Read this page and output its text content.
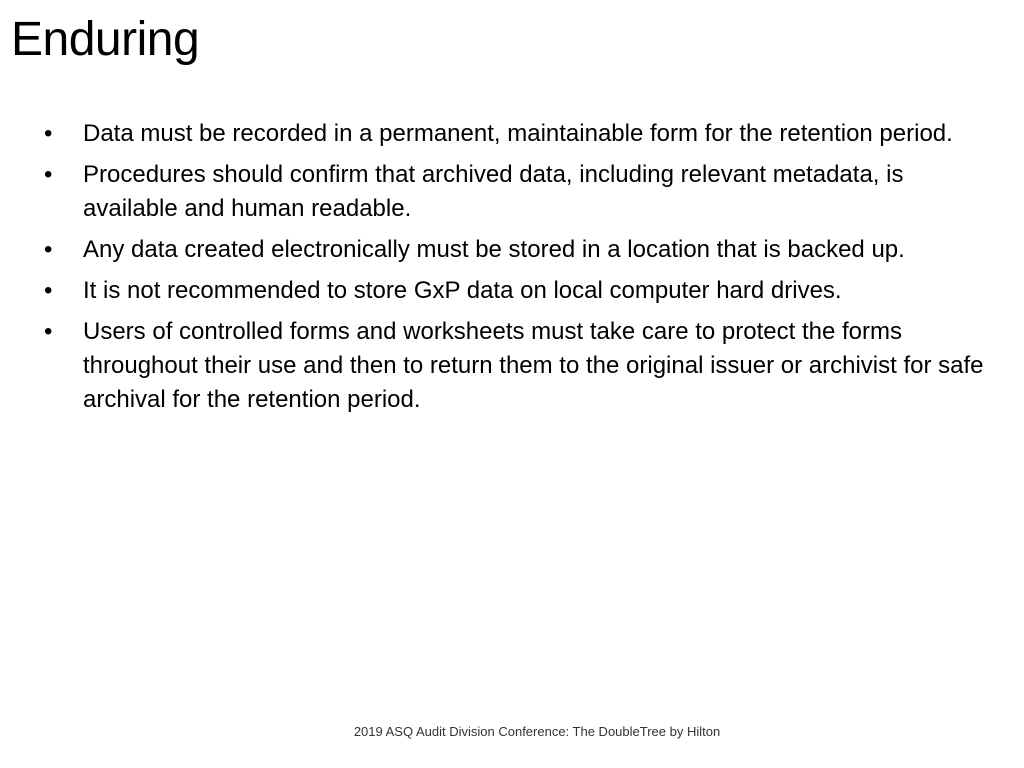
Enduring
•	Data must be recorded in a permanent, maintainable form for the retention period.
•	Procedures should confirm that archived data, including relevant metadata, is available and human readable.
•	Any data created electronically must be stored in a location that is backed up.
•	It is not recommended to store GxP data on local computer hard drives.
•	Users of controlled forms and worksheets must take care to protect the forms throughout their use and then to return them to the original issuer or archivist for safe archival for the retention period.
2019 ASQ Audit Division Conference: The DoubleTree by Hilton
